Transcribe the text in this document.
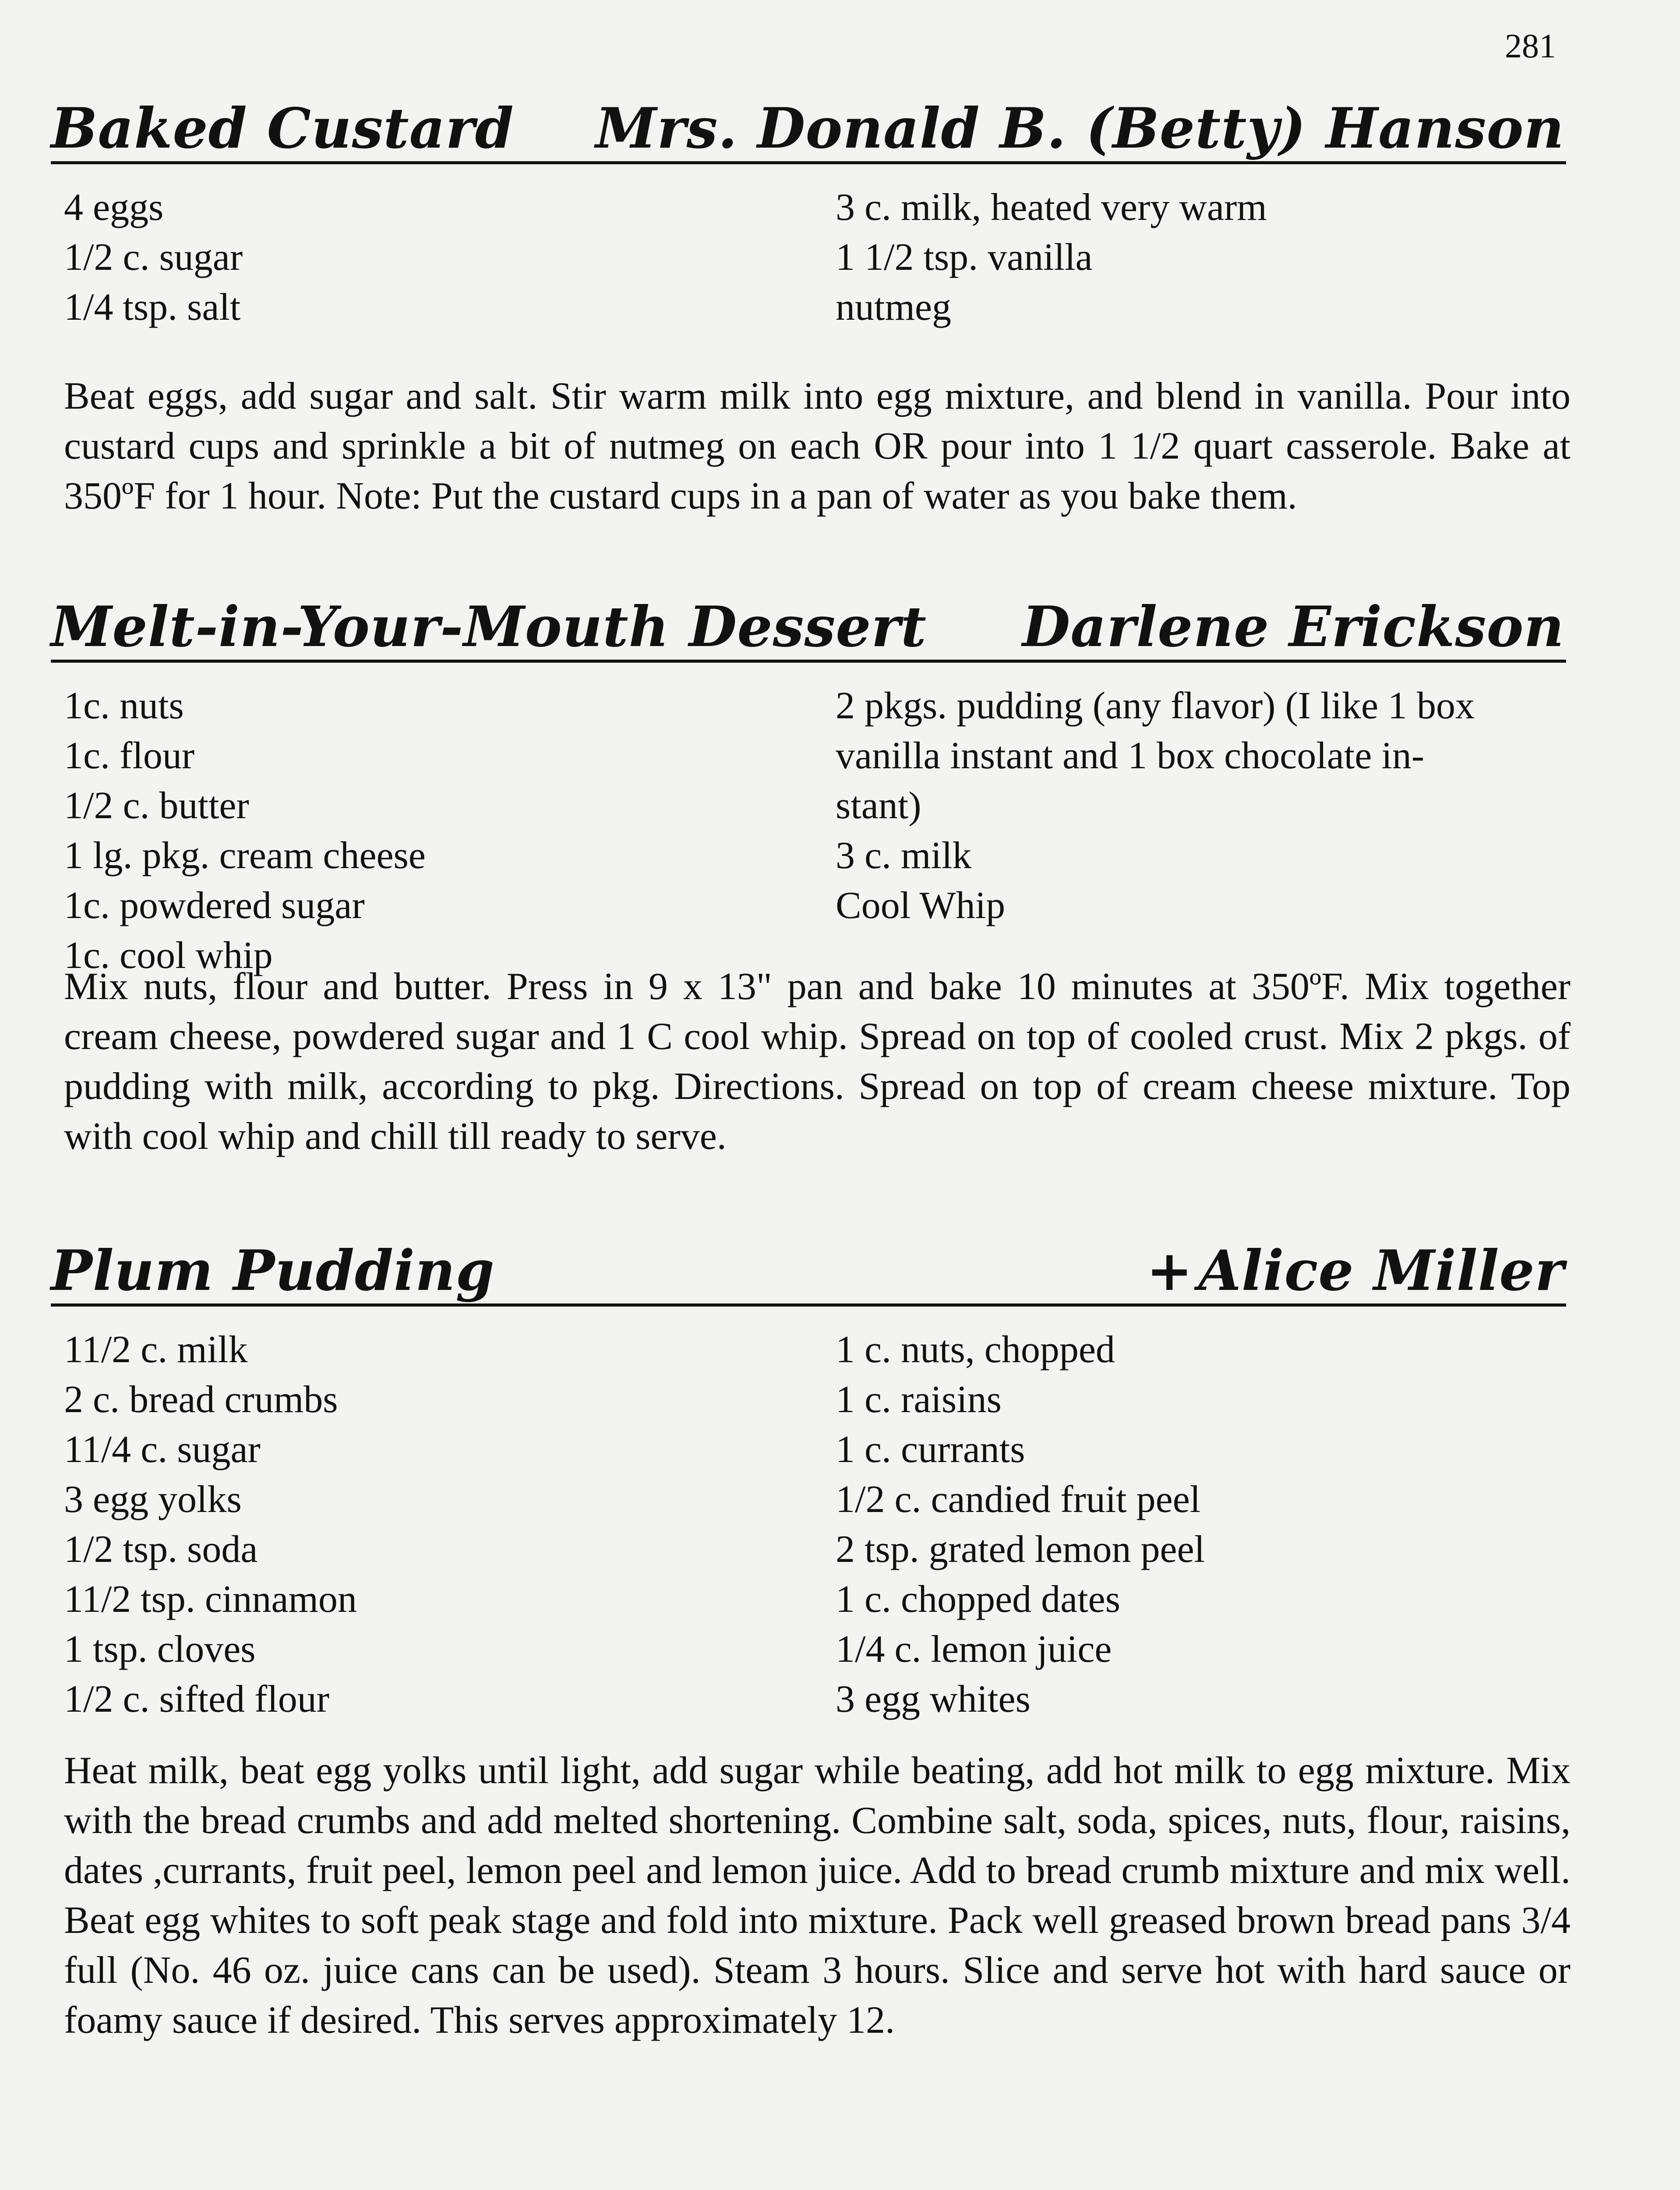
281
Baked Custard Mrs. Donald B. (Betty) Hanson
4 eggs
1/2 c. sugar
1/4 tsp. salt
3 c. milk, heated very warm
1 1/2 tsp. vanilla
nutmeg
Beat eggs, add sugar and salt. Stir warm milk into egg mixture, and blend in vanilla. Pour into custard cups and sprinkle a bit of nutmeg on each OR pour into 1 1/2 quart casserole. Bake at 350ºF for 1 hour. Note: Put the custard cups in a pan of water as you bake them.
Melt-in-Your-Mouth Dessert Darlene Erickson
1c. nuts
1c. flour
1/2 c. butter
1 lg. pkg. cream cheese
1c. powdered sugar
1c. cool whip
2 pkgs. pudding (any flavor) (I like 1 box
vanilla instant and 1 box chocolate in-
stant)
3 c. milk
Cool Whip
Mix nuts, flour and butter. Press in 9 x 13" pan and bake 10 minutes at 350ºF. Mix together cream cheese, powdered sugar and 1 C cool whip. Spread on top of cooled crust. Mix 2 pkgs. of pudding with milk, according to pkg. Directions. Spread on top of cream cheese mixture. Top with cool whip and chill till ready to serve.
Plum Pudding	+Alice Miller
11/2 c. milk
2 c. bread crumbs
11/4 c. sugar
3 egg yolks
1/2 tsp. soda
11/2 tsp. cinnamon
1 tsp. cloves
1/2 c. sifted flour
1 c. nuts, chopped
1 c. raisins
1 c. currants
1/2 c. candied fruit peel
2 tsp. grated lemon peel
1 c. chopped dates
1/4 c. lemon juice
3 egg whites
Heat milk, beat egg yolks until light, add sugar while beating, add hot milk to egg mixture. Mix with the bread crumbs and add melted shortening. Combine salt, soda, spices, nuts, flour, raisins, dates ,currants, fruit peel, lemon peel and lemon juice. Add to bread crumb mixture and mix well. Beat egg whites to soft peak stage and fold into mixture. Pack well greased brown bread pans 3/4 full (No. 46 oz. juice cans can be used). Steam 3 hours. Slice and serve hot with hard sauce or foamy sauce if desired. This serves approximately 12.
